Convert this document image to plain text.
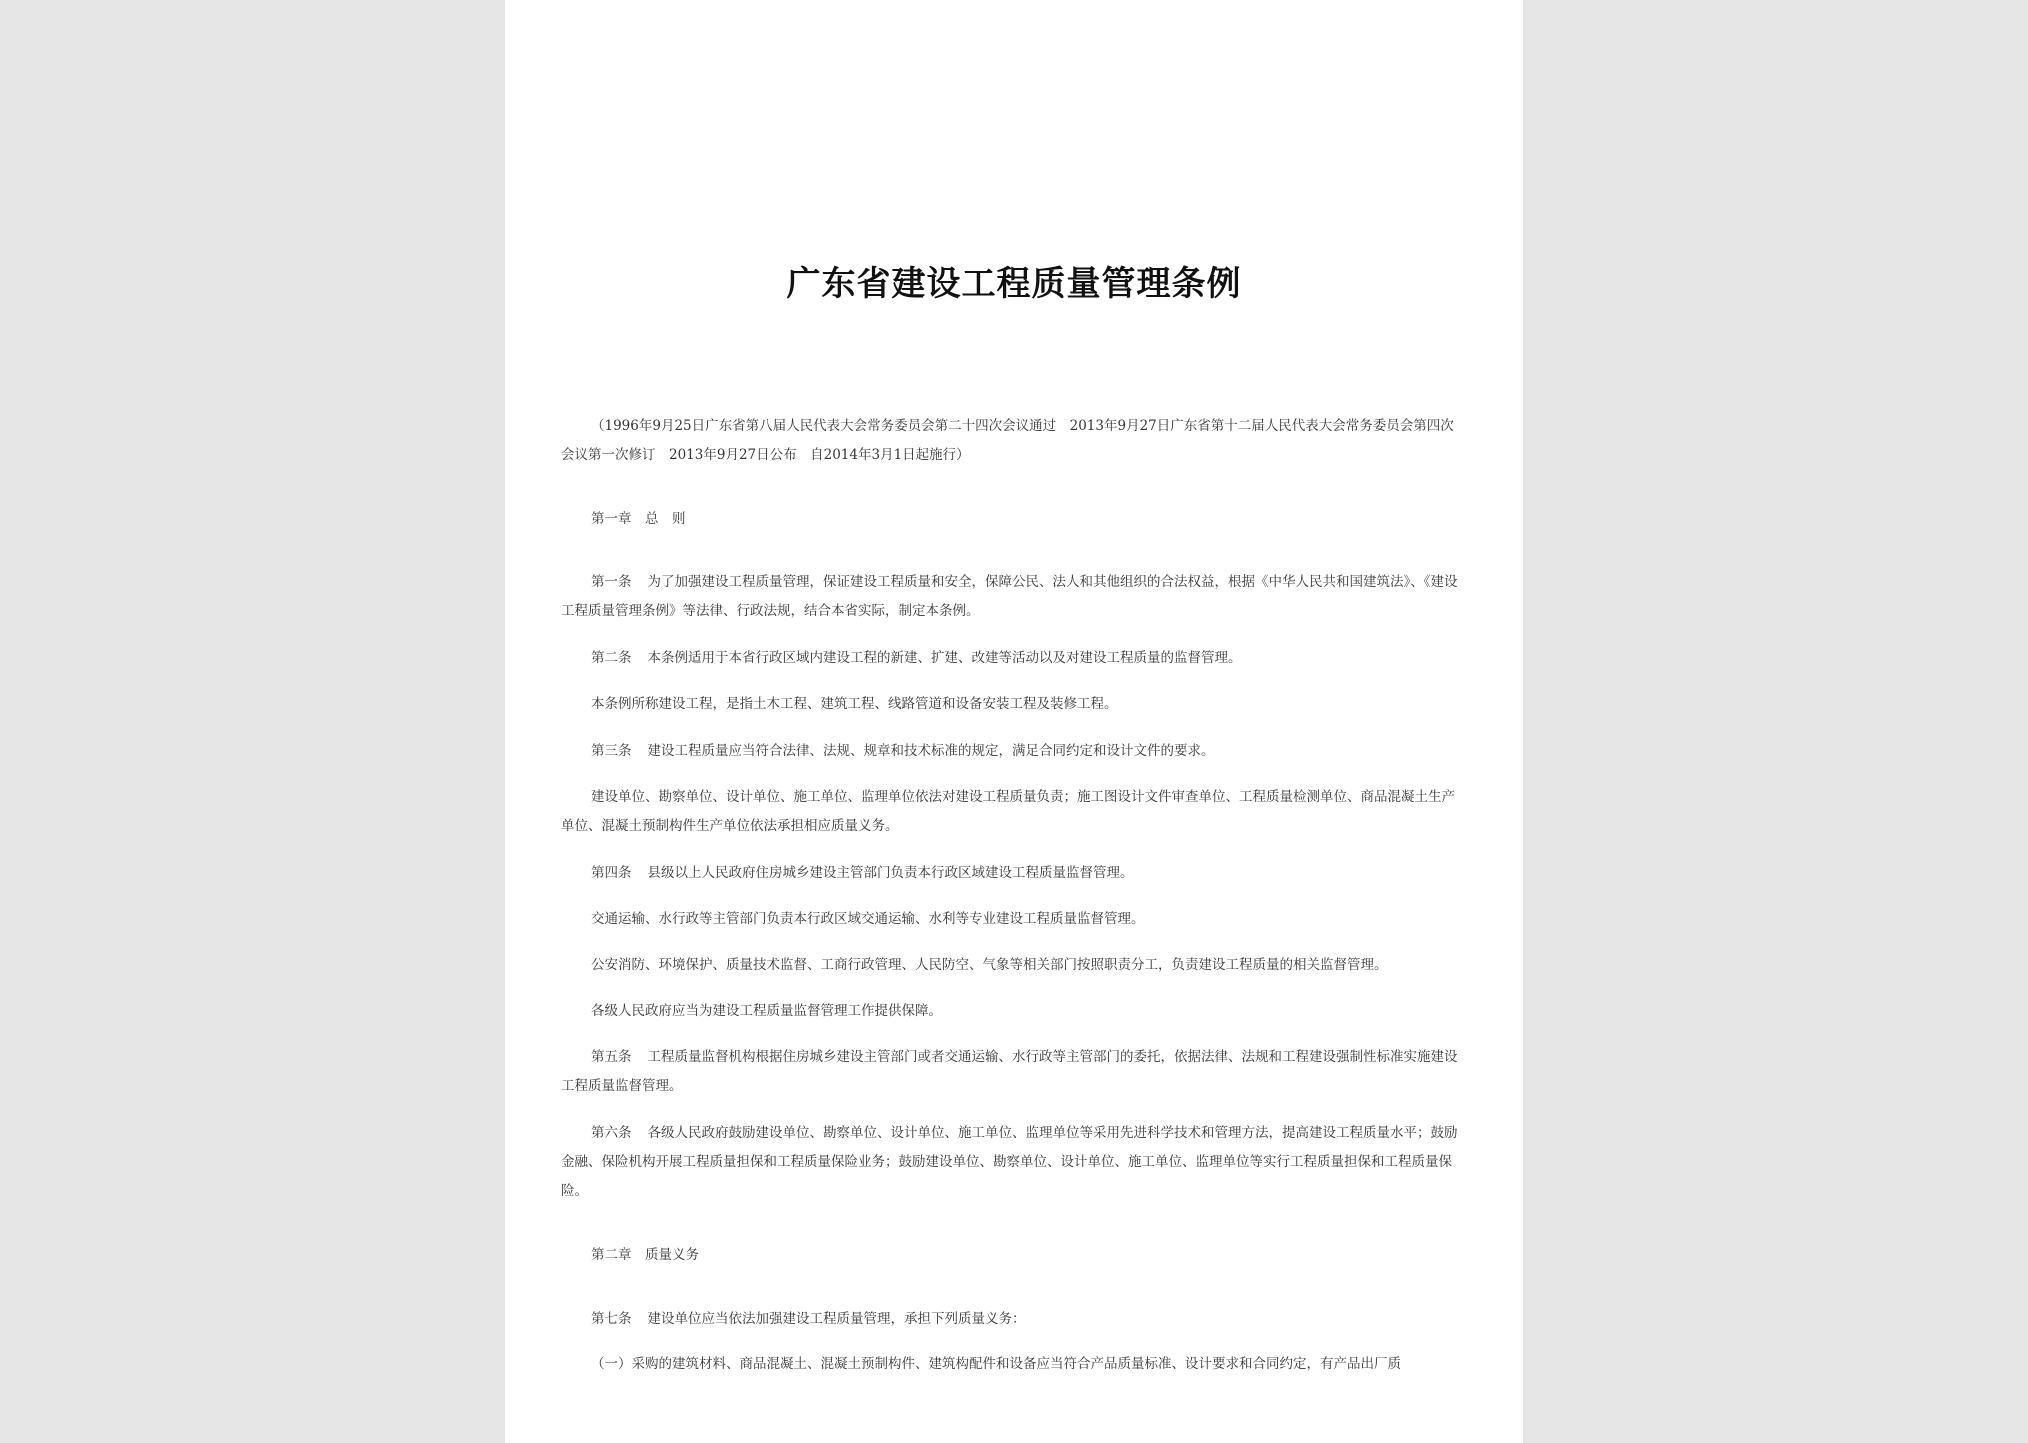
广东省建设工程质量管理条例

（1996年9月25日广东省第八届人民代表大会常务委员会第二十四次会议通过　2013年9月27日广东省第十二届人民代表大会常务委员会第四次会议第一次修订　2013年9月27日公布　自2014年3月1日起施行）

第一章　总　则

第一条 为了加强建设工程质量管理，保证建设工程质量和安全，保障公民、法人和其他组织的合法权益，根据《中华人民共和国建筑法》、《建设工程质量管理条例》等法律、行政法规，结合本省实际，制定本条例。

第二条 本条例适用于本省行政区域内建设工程的新建、扩建、改建等活动以及对建设工程质量的监督管理。

本条例所称建设工程，是指土木工程、建筑工程、线路管道和设备安装工程及装修工程。

第三条 建设工程质量应当符合法律、法规、规章和技术标准的规定，满足合同约定和设计文件的要求。

建设单位、勘察单位、设计单位、施工单位、监理单位依法对建设工程质量负责；施工图设计文件审查单位、工程质量检测单位、商品混凝土生产单位、混凝土预制构件生产单位依法承担相应质量义务。

第四条 县级以上人民政府住房城乡建设主管部门负责本行政区域建设工程质量监督管理。

交通运输、水行政等主管部门负责本行政区域交通运输、水利等专业建设工程质量监督管理。

公安消防、环境保护、质量技术监督、工商行政管理、人民防空、气象等相关部门按照职责分工，负责建设工程质量的相关监督管理。

各级人民政府应当为建设工程质量监督管理工作提供保障。

第五条 工程质量监督机构根据住房城乡建设主管部门或者交通运输、水行政等主管部门的委托，依据法律、法规和工程建设强制性标准实施建设工程质量监督管理。

第六条 各级人民政府鼓励建设单位、勘察单位、设计单位、施工单位、监理单位等采用先进科学技术和管理方法，提高建设工程质量水平；鼓励金融、保险机构开展工程质量担保和工程质量保险业务；鼓励建设单位、勘察单位、设计单位、施工单位、监理单位等实行工程质量担保和工程质量保险。

第二章　质量义务

第七条 建设单位应当依法加强建设工程质量管理，承担下列质量义务：

（一）采购的建筑材料、商品混凝土、混凝土预制构件、建筑构配件和设备应当符合产品质量标准、设计要求和合同约定，有产品出厂质
